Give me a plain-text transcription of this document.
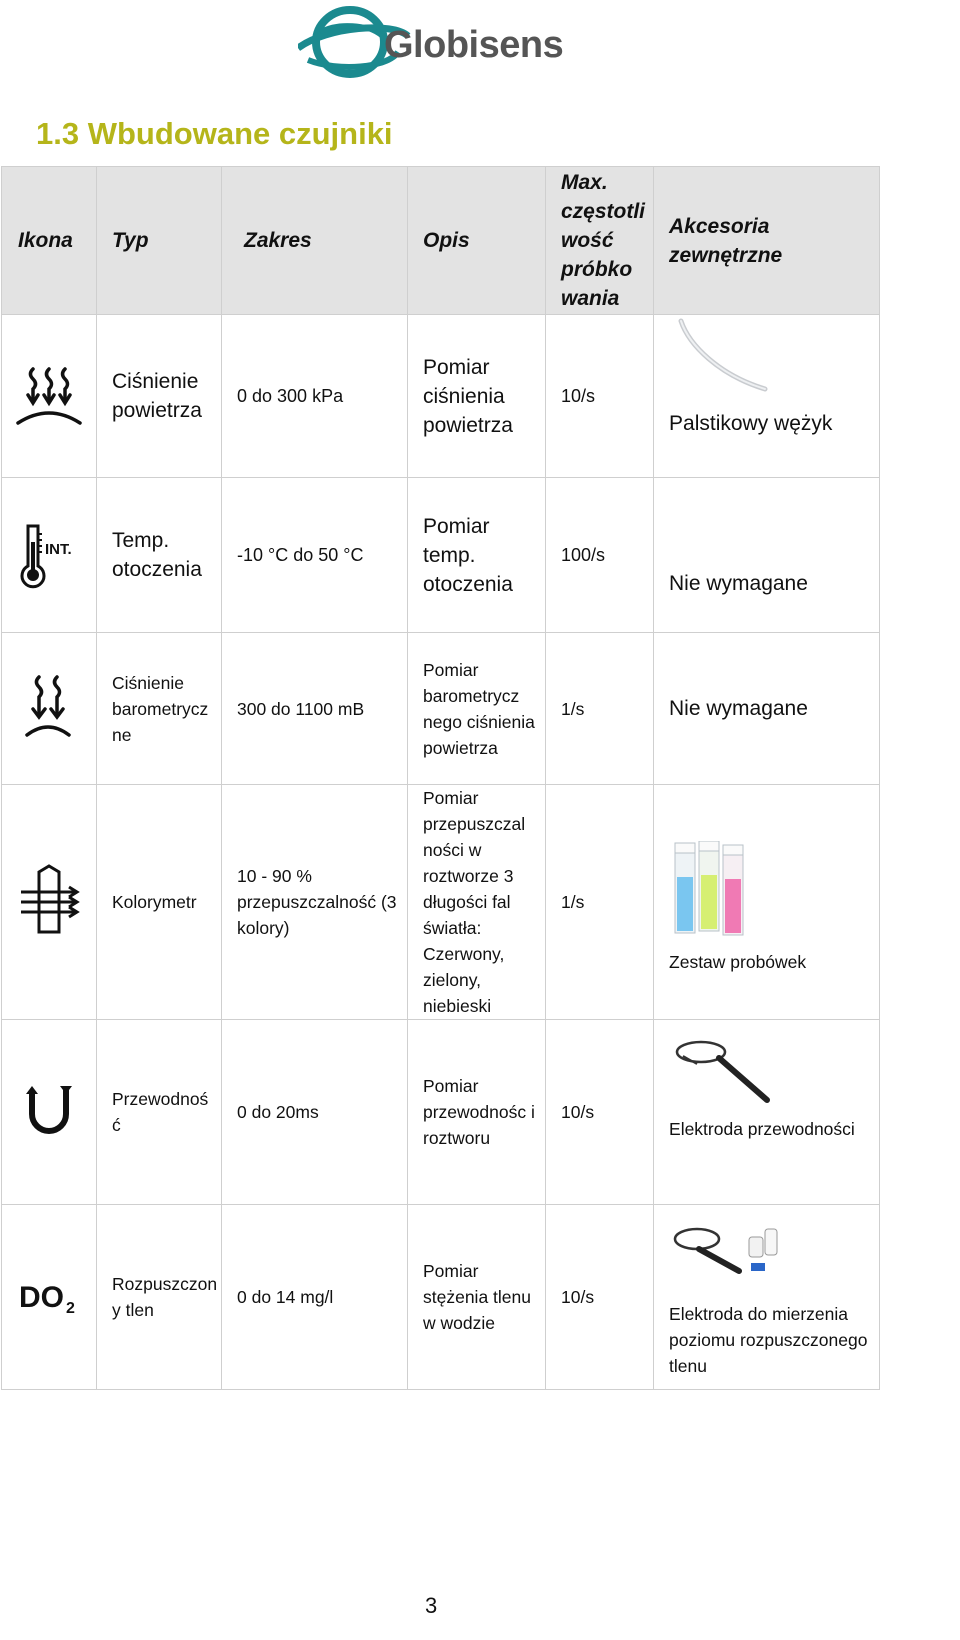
Globisens
1.3 Wbudowane czujniki
Ikona	Typ	Zakres	Opis	Max. częstotli wość próbko wania	Akcesoria zewnętrzne

	Ciśnienie powietrza	0 do 300 kPa	Pomiar ciśnienia powietrza	10/s	Palstikowy wężyk

INT.	Temp. otoczenia	-10 °C do 50 °C	Pomiar temp. otoczenia	100/s	Nie wymagane

	Ciśnienie barometrycz ne	300 do 1100 mB	Pomiar barometrycz nego ciśnienia powietrza	1/s	Nie wymagane

	Kolorymetr	10 - 90 % przepuszczalność (3 kolory)	Pomiar przepuszczal ności w roztworze 3 długości fal światła: Czerwony, zielony, niebieski	1/s	Zestaw probówek

	Przewodnoś ć	0 do 20ms	Pomiar przewodnośc i roztworu	10/s	Elektroda przewodności

DO 2	Rozpuszczon y tlen	0 do 14 mg/l	Pomiar stężenia tlenu w wodzie	10/s	Elektroda do mierzenia poziomu rozpuszczonego tlenu
3
